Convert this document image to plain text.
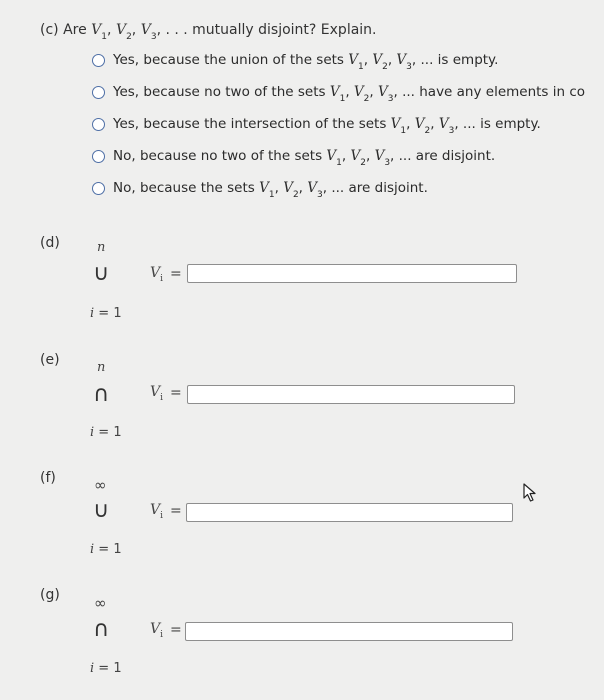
(c) Are $V_1$, $V_2$, $V_3$, . . . mutually disjoint? Explain.
Yes, because the union of the sets
$V_1$ , $V_2$ , $V_3$ , ... is empty.
Yes, because no two of the sets
$V_1$ , $V_2$ , $V_3$ , ... have any elements in co
Yes, because the intersection of the sets
$V_1$ , $V_2$ , $V_3$ , ... is empty.
No, because no two of the sets
$V_1$ , $V_2$ , $V_3$ , ... are disjoint.
No, because the sets
$V_1$ , $V_2$ , $V_3$ , ... are disjoint.
(d)	n
∪
i = 1
$V_i$ =
(e)	n
∩
i = 1
$V_i$ =
(f)	∞
∪
i = 1
$V_i$ =
(g) ∞
∩
i = 1
$V_i$ =
